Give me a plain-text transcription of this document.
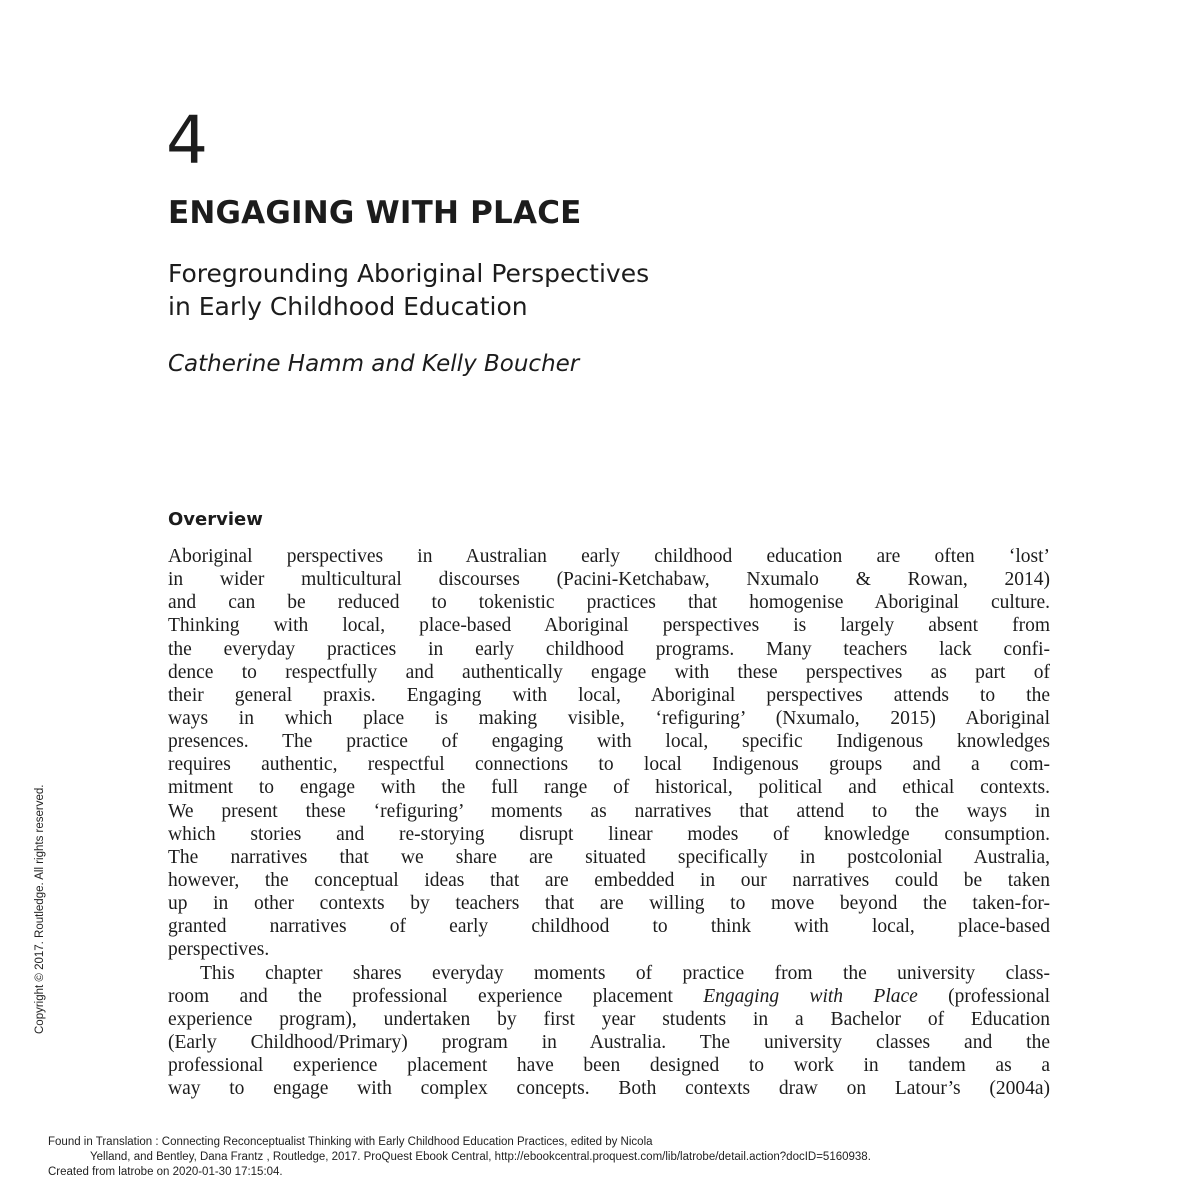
4
ENGAGING WITH PLACE
Foregrounding Aboriginal Perspectives
in Early Childhood Education
Catherine Hamm and Kelly Boucher
Overview
Aboriginal perspectives in Australian early childhood education are often ‘lost’
in wider multicultural discourses (Pacini-Ketchabaw, Nxumalo & Rowan, 2014)
and can be reduced to tokenistic practices that homogenise Aboriginal culture.
Thinking with local, place-based Aboriginal perspectives is largely absent from
the everyday practices in early childhood programs. Many teachers lack confi-
dence to respectfully and authentically engage with these perspectives as part of
their general praxis. Engaging with local, Aboriginal perspectives attends to the
ways in which place is making visible, ‘refiguring’ (Nxumalo, 2015) Aboriginal
presences. The practice of engaging with local, specific Indigenous knowledges
requires authentic, respectful connections to local Indigenous groups and a com-
mitment to engage with the full range of historical, political and ethical contexts.
We present these ‘refiguring’ moments as narratives that attend to the ways in
which stories and re-storying disrupt linear modes of knowledge consumption.
The narratives that we share are situated specifically in postcolonial Australia,
however, the conceptual ideas that are embedded in our narratives could be taken
up in other contexts by teachers that are willing to move beyond the taken-for-
granted narratives of early childhood to think with local, place-based
perspectives.
This chapter shares everyday moments of practice from the university class-
room and the professional experience placement Engaging with Place (professional
experience program), undertaken by first year students in a Bachelor of Education
(Early Childhood/Primary) program in Australia. The university classes and the
professional experience placement have been designed to work in tandem as a
way to engage with complex concepts. Both contexts draw on Latour’s (2004a)
Copyright © 2017. Routledge. All rights reserved.
Found in Translation : Connecting Reconceptualist Thinking with Early Childhood Education Practices, edited by Nicola
Yelland, and Bentley, Dana Frantz , Routledge, 2017. ProQuest Ebook Central, http://ebookcentral.proquest.com/lib/latrobe/detail.action?docID=5160938.
Created from latrobe on 2020-01-30 17:15:04.
